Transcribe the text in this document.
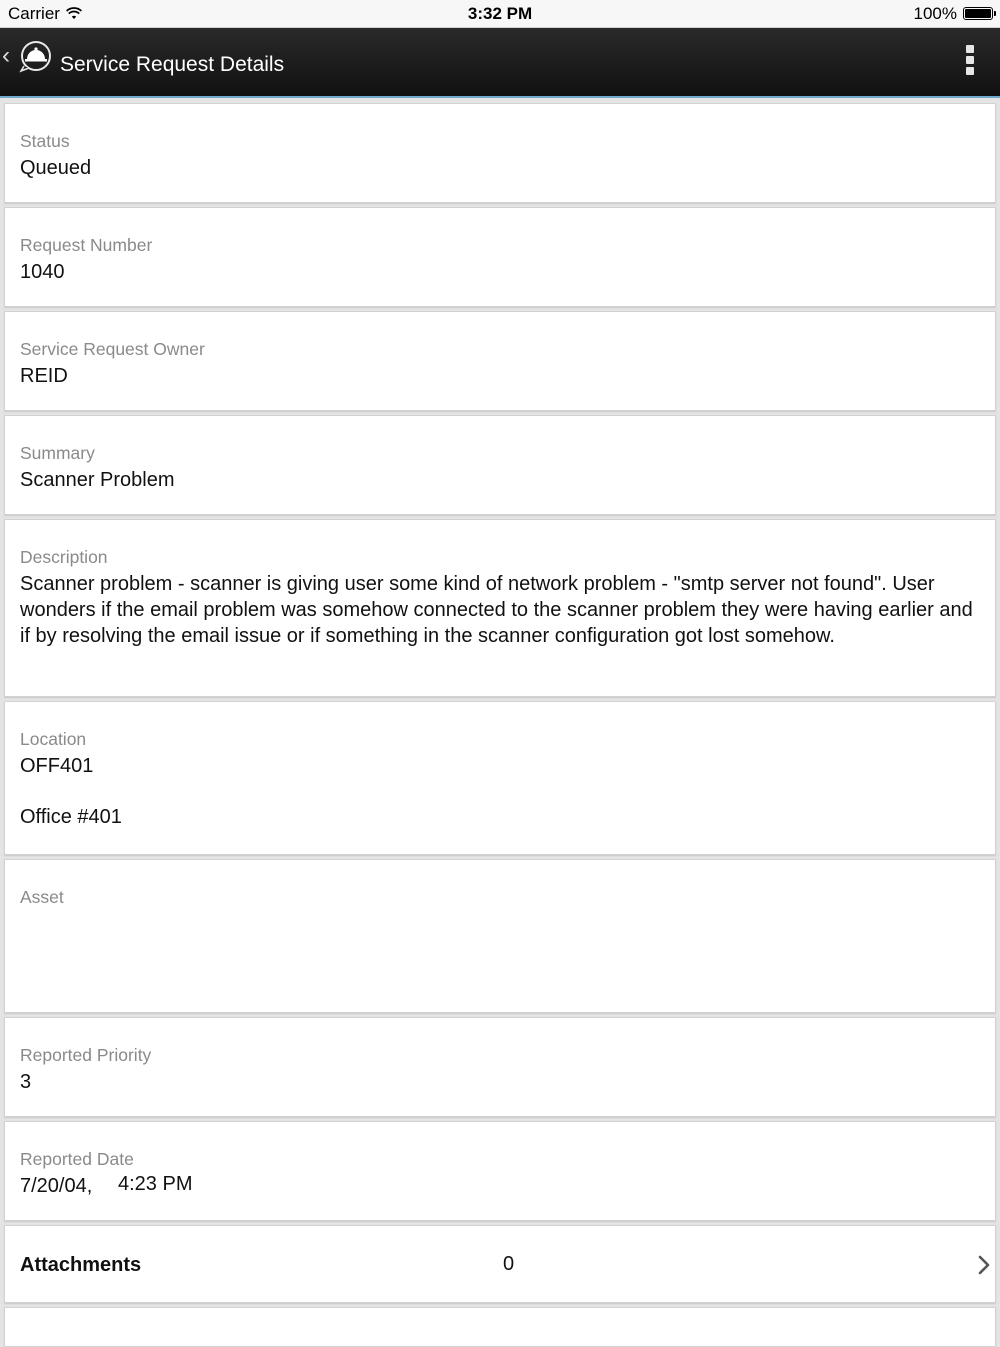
Carrier	3:32 PM	100%
‹ Service Request Details
Status
Queued
Request Number
1040
Service Request Owner
REID
Summary
Scanner Problem
Description
Scanner problem - scanner is giving user some kind of network problem - "smtp server not found". User wonders if the email problem was somehow connected to the scanner problem they were having earlier and if by resolving the email issue or if something in the scanner configuration got lost somehow.
Location
OFF401
Office #401
Asset
Reported Priority
3
Reported Date
7/20/04,	4:23 PM
Attachments	0
